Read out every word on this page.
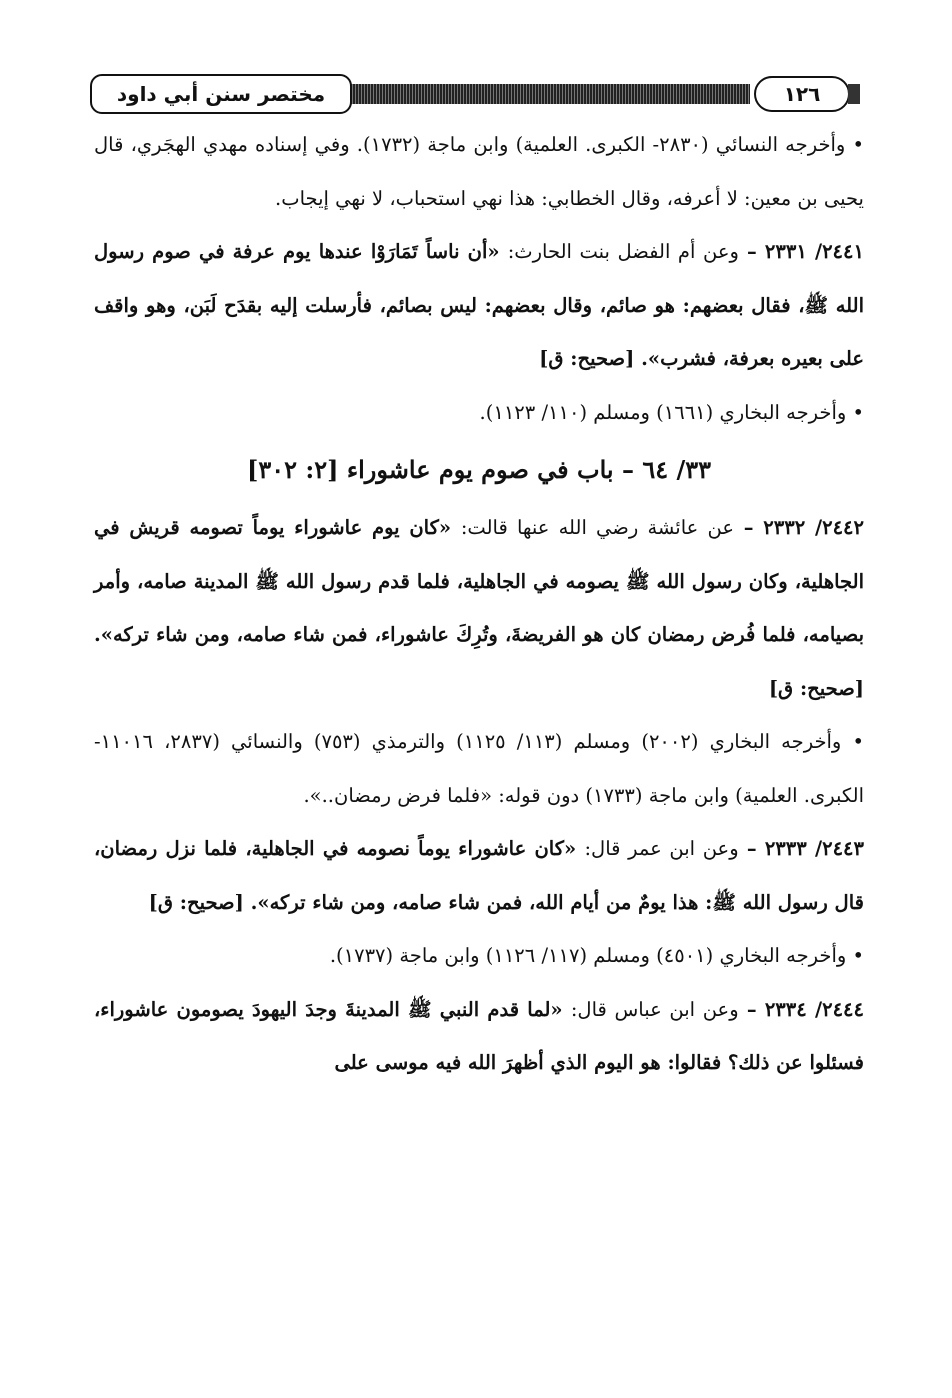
مختصر سنن أبي داود	١٢٦

• وأخرجه النسائي (٢٨٣٠- الكبرى. العلمية) وابن ماجة (١٧٣٢). وفي إسناده مهدي الهجَري، قال يحيى بن معين: لا أعرفه، وقال الخطابي: هذا نهي استحباب، لا نهي إيجاب.

٢٤٤١/ ٢٣٣١ – وعن أم الفضل بنت الحارث: «أن ناساً تَمَارَوْا عندها يوم عرفة في صوم رسول الله ﷺ، فقال بعضهم: هو صائم، وقال بعضهم: ليس بصائم، فأرسلت إليه بقدَح لَبَن، وهو واقف على بعيره بعرفة، فشرب». [صحيح: ق]

• وأخرجه البخاري (١٦٦١) ومسلم (١١٠/ ١١٢٣).

٣٣/ ٦٤ – باب في صوم يوم عاشوراء [٢: ٣٠٢]

٢٤٤٢/ ٢٣٣٢ – عن عائشة رضي الله عنها قالت: «كان يوم عاشوراء يوماً تصومه قريش في الجاهلية، وكان رسول الله ﷺ يصومه في الجاهلية، فلما قدم رسول الله ﷺ المدينة صامه، وأمر بصيامه، فلما فُرض رمضان كان هو الفريضةَ، وتُرِكَ عاشوراء، فمن شاء صامه، ومن شاء تركه». [صحيح: ق]

• وأخرجه البخاري (٢٠٠٢) ومسلم (١١٣/ ١١٢٥) والترمذي (٧٥٣) والنسائي (٢٨٣٧، ١١٠١٦- الكبرى. العلمية) وابن ماجة (١٧٣٣) دون قوله: «فلما فرض رمضان..».

٢٤٤٣/ ٢٣٣٣ – وعن ابن عمر قال: «كان عاشوراء يوماً نصومه في الجاهلية، فلما نزل رمضان، قال رسول الله ﷺ: هذا يومٌ من أيام الله، فمن شاء صامه، ومن شاء تركه». [صحيح: ق]

• وأخرجه البخاري (٤٥٠١) ومسلم (١١٧/ ١١٢٦) وابن ماجة (١٧٣٧).

٢٤٤٤/ ٢٣٣٤ – وعن ابن عباس قال: «لما قدم النبي ﷺ المدينةَ وجدَ اليهودَ يصومون عاشوراء، فسئلوا عن ذلك؟ فقالوا: هو اليوم الذي أظهرَ الله فيه موسى على
